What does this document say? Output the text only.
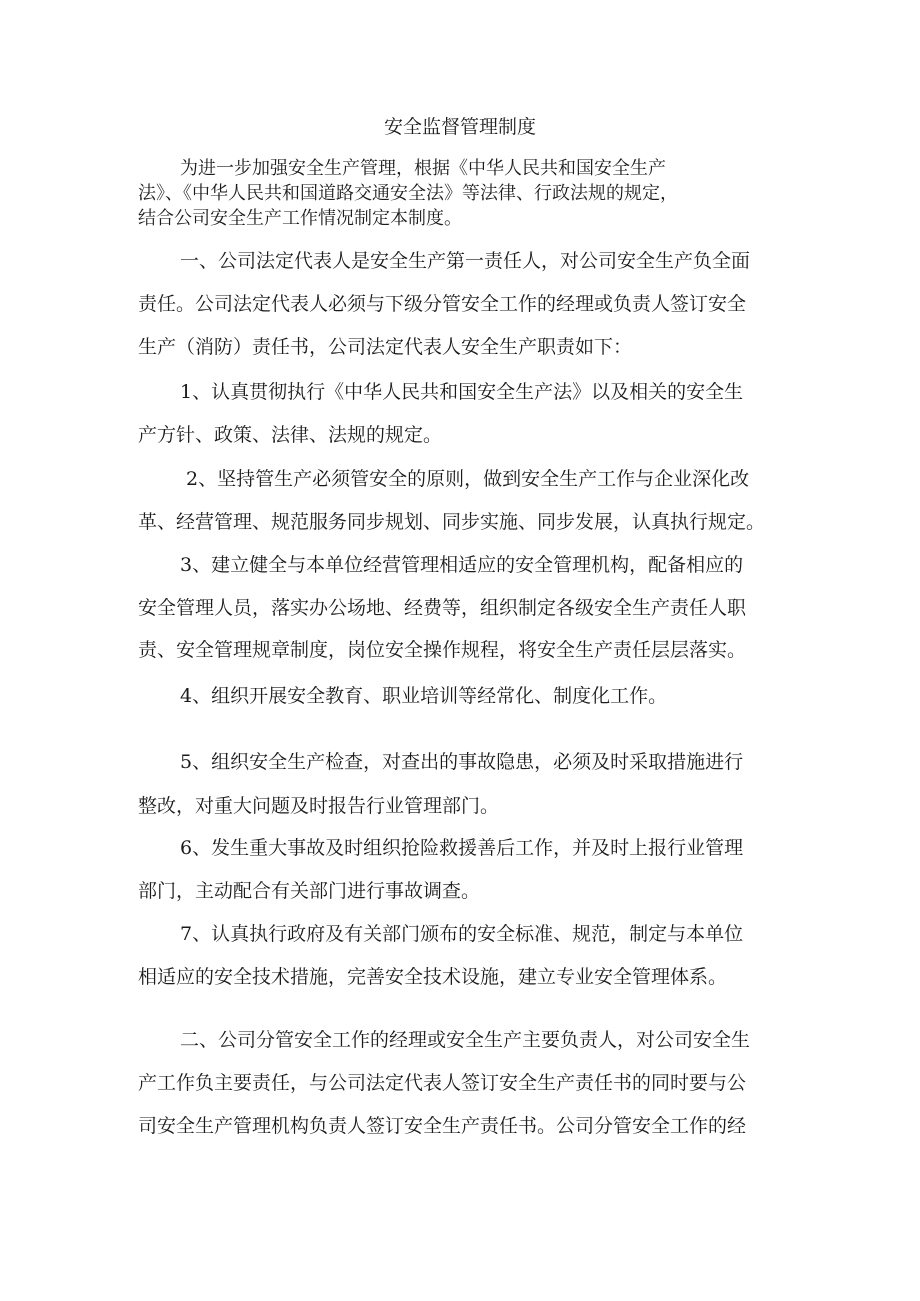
安全监督管理制度

为进一步加强安全生产管理，根据《中华人民共和国安全生产

法》、《中华人民共和国道路交通安全法》等法律、行政法规的规定，

结合公司安全生产工作情况制定本制度。

一、公司法定代表人是安全生产第一责任人，对公司安全生产负全面

责任。公司法定代表人必须与下级分管安全工作的经理或负责人签订安全

生产（消防）责任书，公司法定代表人安全生产职责如下：

1、认真贯彻执行《中华人民共和国安全生产法》以及相关的安全生

产方针、政策、法律、法规的规定。

2、坚持管生产必须管安全的原则，做到安全生产工作与企业深化改

革、经营管理、规范服务同步规划、同步实施、同步发展，认真执行规定。

3、建立健全与本单位经营管理相适应的安全管理机构，配备相应的

安全管理人员，落实办公场地、经费等，组织制定各级安全生产责任人职

责、安全管理规章制度，岗位安全操作规程，将安全生产责任层层落实。

4、组织开展安全教育、职业培训等经常化、制度化工作。

5、组织安全生产检查，对查出的事故隐患，必须及时采取措施进行

整改，对重大问题及时报告行业管理部门。

6、发生重大事故及时组织抢险救援善后工作，并及时上报行业管理

部门，主动配合有关部门进行事故调查。

7、认真执行政府及有关部门颁布的安全标准、规范，制定与本单位

相适应的安全技术措施，完善安全技术设施，建立专业安全管理体系。

二、公司分管安全工作的经理或安全生产主要负责人，对公司安全生

产工作负主要责任，与公司法定代表人签订安全生产责任书的同时要与公

司安全生产管理机构负责人签订安全生产责任书。公司分管安全工作的经
